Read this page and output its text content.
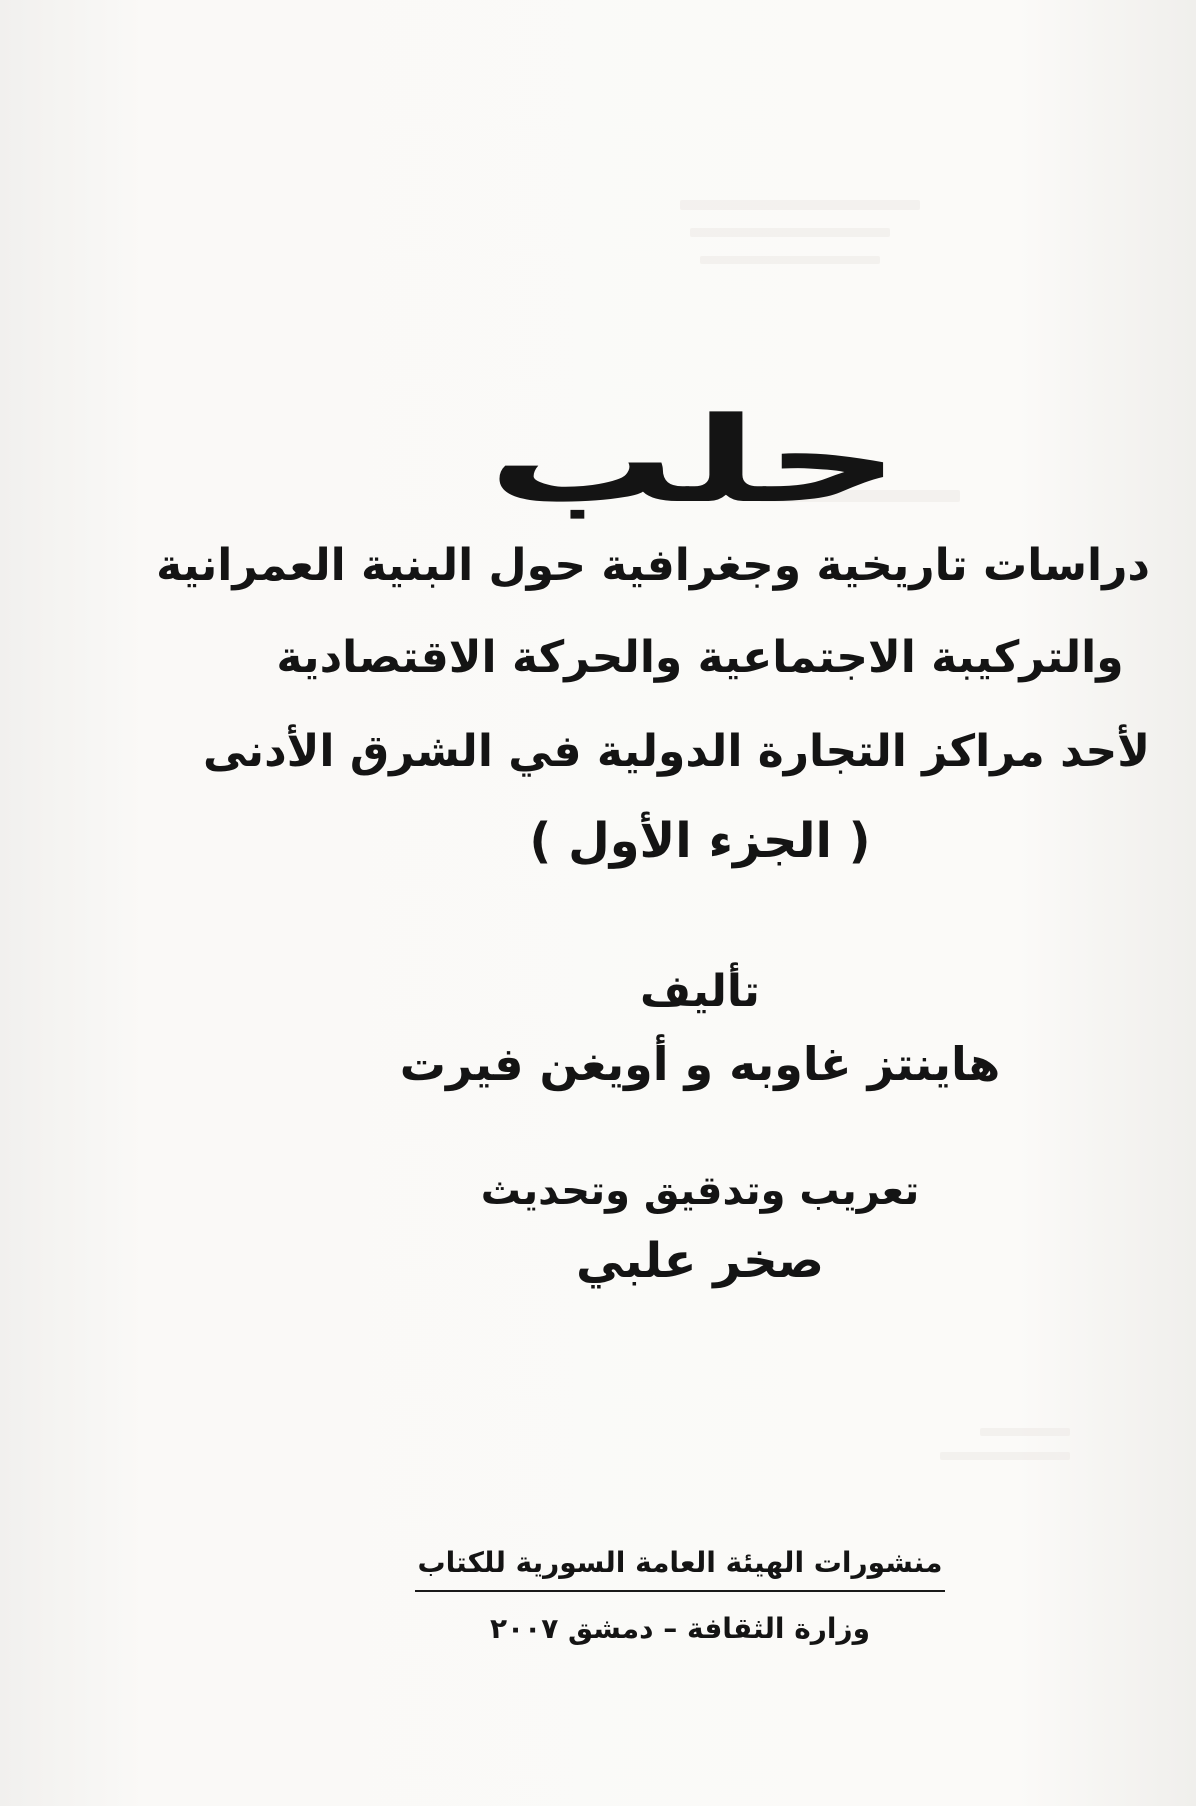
حلب
دراسات تاريخية وجغرافية حول البنية العمرانية
والتركيبة الاجتماعية والحركة الاقتصادية
لأحد مراكز التجارة الدولية في الشرق الأدنى
( الجزء الأول )
تأليف
هاينتز غاوبه و أويغن فيرت
تعريب وتدقيق وتحديث
صخر علبي
منشورات الهيئة العامة السورية للكتاب
وزارة الثقافة – دمشق ٢٠٠٧
